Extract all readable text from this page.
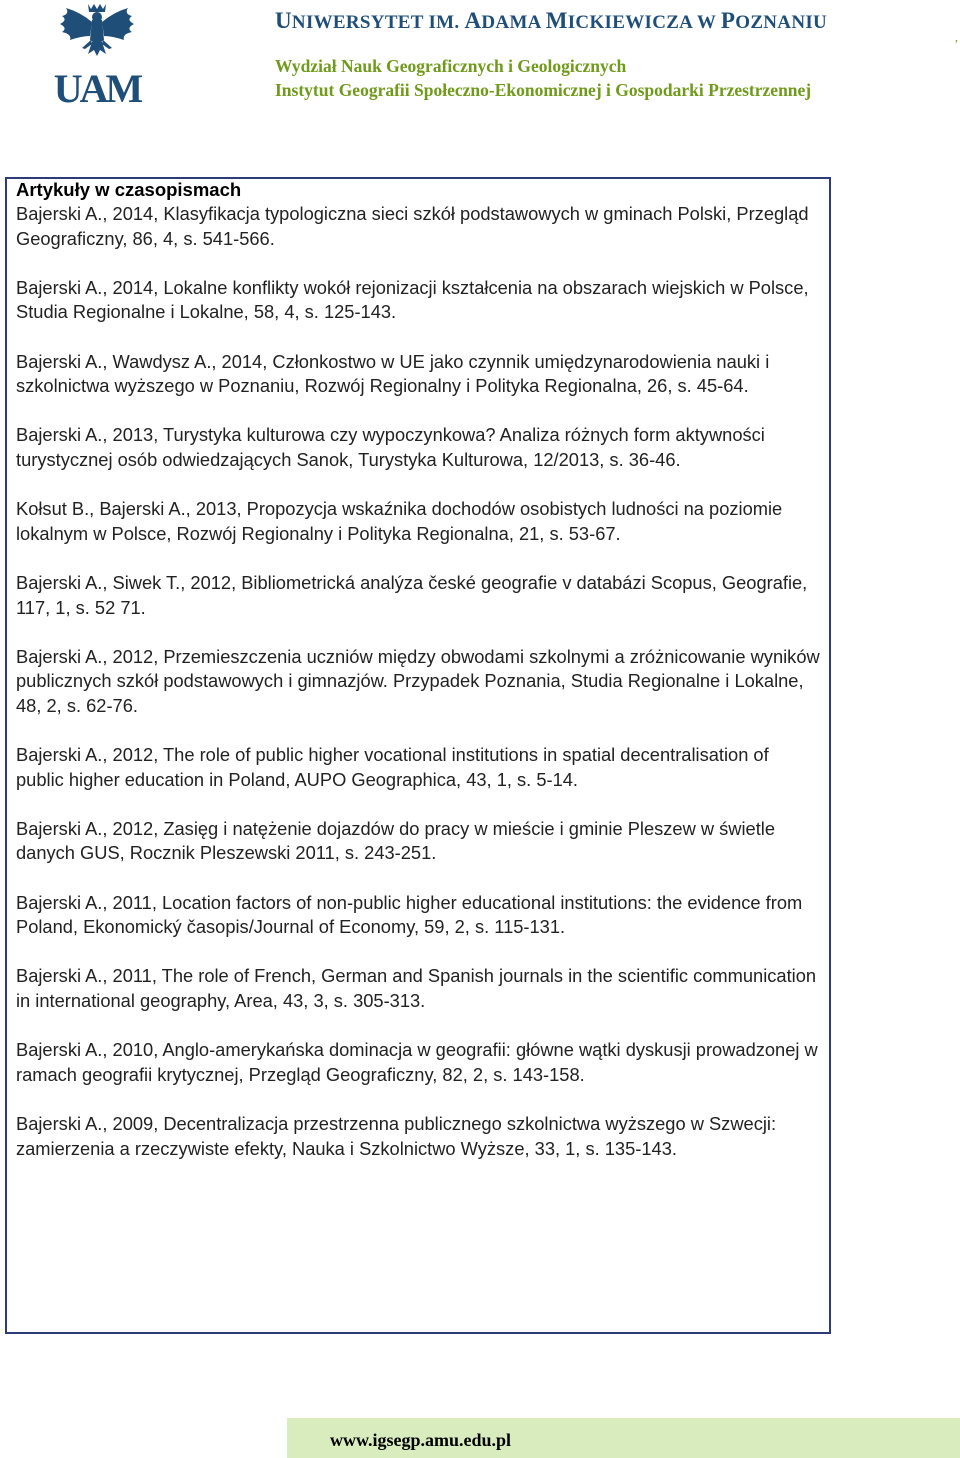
UAM
UNIWERSYTET IM. ADAMA MICKIEWICZA W POZNANIU
Wydział Nauk Geograficznych i Geologicznych
Instytut Geografii Społeczno-Ekonomicznej i Gospodarki Przestrzennej
,
Artykuły w czasopismach
Bajerski A., 2014, Klasyfikacja typologiczna sieci szkół podstawowych w gminach Polski, Przegląd Geograficzny, 86, 4, s. 541-566.
Bajerski A., 2014, Lokalne konflikty wokół rejonizacji kształcenia na obszarach wiejskich w Polsce, Studia Regionalne i Lokalne, 58, 4, s. 125-143.
Bajerski A., Wawdysz A., 2014, Członkostwo w UE jako czynnik umiędzynarodowienia nauki i szkolnictwa wyższego w Poznaniu, Rozwój Regionalny i Polityka Regionalna, 26, s. 45-64.
Bajerski A., 2013, Turystyka kulturowa czy wypoczynkowa? Analiza różnych form aktywności turystycznej osób odwiedzających Sanok, Turystyka Kulturowa, 12/2013, s. 36-46.
Kołsut B., Bajerski A., 2013, Propozycja wskaźnika dochodów osobistych ludności na poziomie lokalnym w Polsce, Rozwój Regionalny i Polityka Regionalna, 21, s. 53-67.
Bajerski A., Siwek T., 2012, Bibliometrická analýza české geografie v databázi Scopus, Geografie, 117, 1, s. 52 71.
Bajerski A., 2012, Przemieszczenia uczniów między obwodami szkolnymi a zróżnicowanie wyników publicznych szkół podstawowych i gimnazjów. Przypadek Poznania, Studia Regionalne i Lokalne, 48, 2, s. 62-76.
Bajerski A., 2012, The role of public higher vocational institutions in spatial decentralisation of public higher education in Poland, AUPO Geographica, 43, 1, s. 5-14.
Bajerski A., 2012, Zasięg i natężenie dojazdów do pracy w mieście i gminie Pleszew w świetle danych GUS, Rocznik Pleszewski 2011, s. 243-251.
Bajerski A., 2011, Location factors of non-public higher educational institutions: the evidence from Poland, Ekonomický časopis/Journal of Economy, 59, 2, s. 115-131.
Bajerski A., 2011, The role of French, German and Spanish journals in the scientific communication in international geography, Area, 43, 3, s. 305-313.
Bajerski A., 2010, Anglo-amerykańska dominacja w geografii: główne wątki dyskusji prowadzonej w ramach geografii krytycznej, Przegląd Geograficzny, 82, 2, s. 143-158.
Bajerski A., 2009, Decentralizacja przestrzenna publicznego szkolnictwa wyższego w Szwecji: zamierzenia a rzeczywiste efekty, Nauka i Szkolnictwo Wyższe, 33, 1, s. 135-143.
www.igsegp.amu.edu.pl
